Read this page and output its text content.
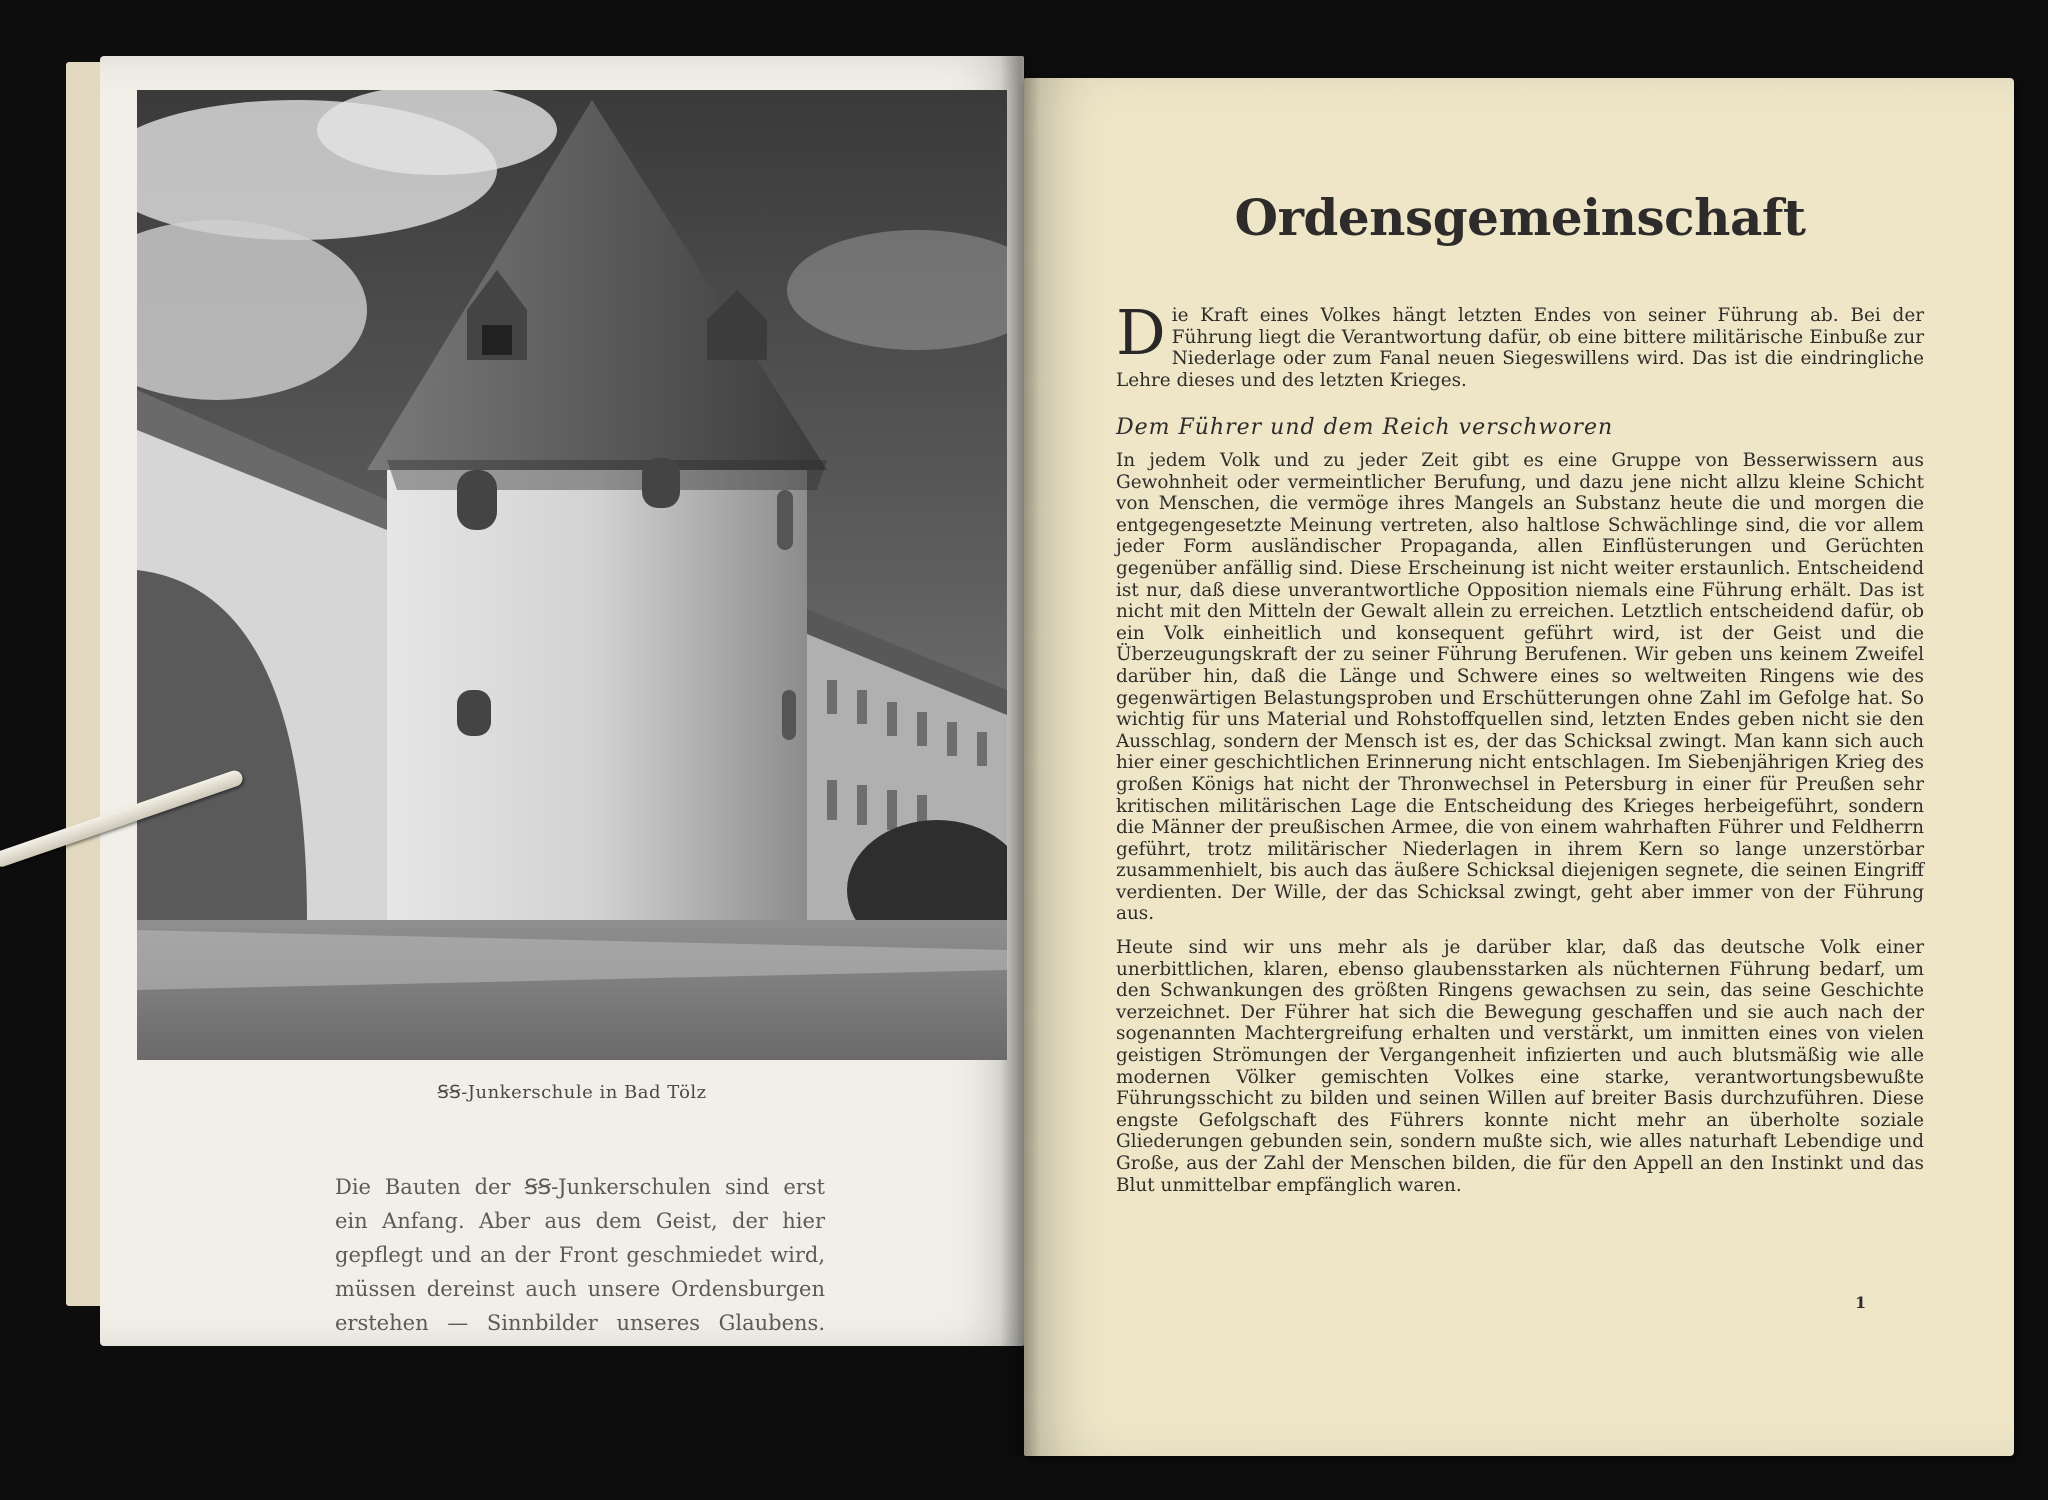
ꞨꞨ-Junkerschule in Bad Tölz

Die Bauten der ꞨꞨ-Junkerschulen sind erst ein Anfang. Aber aus dem Geist, der hier gepflegt und an der Front geschmiedet wird, müssen dereinst auch unsere Ordensburgen erstehen — Sinnbilder unseres Glaubens.

Ordensgemeinschaft

Die Kraft eines Volkes hängt letzten Endes von seiner Führung ab. Bei der Führung liegt die Verantwortung dafür, ob eine bittere militärische Einbuße zur Niederlage oder zum Fanal neuen Siegeswillens wird. Das ist die eindringliche Lehre dieses und des letzten Krieges.

Dem Führer und dem Reich verschworen

In jedem Volk und zu jeder Zeit gibt es eine Gruppe von Besserwissern aus Gewohnheit oder vermeintlicher Berufung, und dazu jene nicht allzu kleine Schicht von Menschen, die vermöge ihres Mangels an Substanz heute die und morgen die entgegengesetzte Meinung vertreten, also haltlose Schwächlinge sind, die vor allem jeder Form ausländischer Propaganda, allen Einflüsterungen und Gerüchten gegenüber anfällig sind. Diese Erscheinung ist nicht weiter erstaunlich. Entscheidend ist nur, daß diese unverantwortliche Opposition niemals eine Führung erhält. Das ist nicht mit den Mitteln der Gewalt allein zu erreichen. Letztlich entscheidend dafür, ob ein Volk einheitlich und konsequent geführt wird, ist der Geist und die Überzeugungskraft der zu seiner Führung Berufenen. Wir geben uns keinem Zweifel darüber hin, daß die Länge und Schwere eines so weltweiten Ringens wie des gegenwärtigen Belastungsproben und Erschütterungen ohne Zahl im Gefolge hat. So wichtig für uns Material und Rohstoffquellen sind, letzten Endes geben nicht sie den Ausschlag, sondern der Mensch ist es, der das Schicksal zwingt. Man kann sich auch hier einer geschichtlichen Erinnerung nicht entschlagen. Im Siebenjährigen Krieg des großen Königs hat nicht der Thronwechsel in Petersburg in einer für Preußen sehr kritischen militärischen Lage die Entscheidung des Krieges herbeigeführt, sondern die Männer der preußischen Armee, die von einem wahrhaften Führer und Feldherrn geführt, trotz militärischer Niederlagen in ihrem Kern so lange unzerstörbar zusammenhielt, bis auch das äußere Schicksal diejenigen segnete, die seinen Eingriff verdienten. Der Wille, der das Schicksal zwingt, geht aber immer von der Führung aus.

Heute sind wir uns mehr als je darüber klar, daß das deutsche Volk einer unerbittlichen, klaren, ebenso glaubensstarken als nüchternen Führung bedarf, um den Schwankungen des größten Ringens gewachsen zu sein, das seine Geschichte verzeichnet. Der Führer hat sich die Bewegung geschaffen und sie auch nach der sogenannten Machtergreifung erhalten und verstärkt, um inmitten eines von vielen geistigen Strömungen der Vergangenheit infizierten und auch blutsmäßig wie alle modernen Völker gemischten Volkes eine starke, verantwortungsbewußte Führungsschicht zu bilden und seinen Willen auf breiter Basis durchzuführen. Diese engste Gefolgschaft des Führers konnte nicht mehr an überholte soziale Gliederungen gebunden sein, sondern mußte sich, wie alles naturhaft Lebendige und Große, aus der Zahl der Menschen bilden, die für den Appell an den Instinkt und das Blut unmittelbar empfänglich waren.

1
